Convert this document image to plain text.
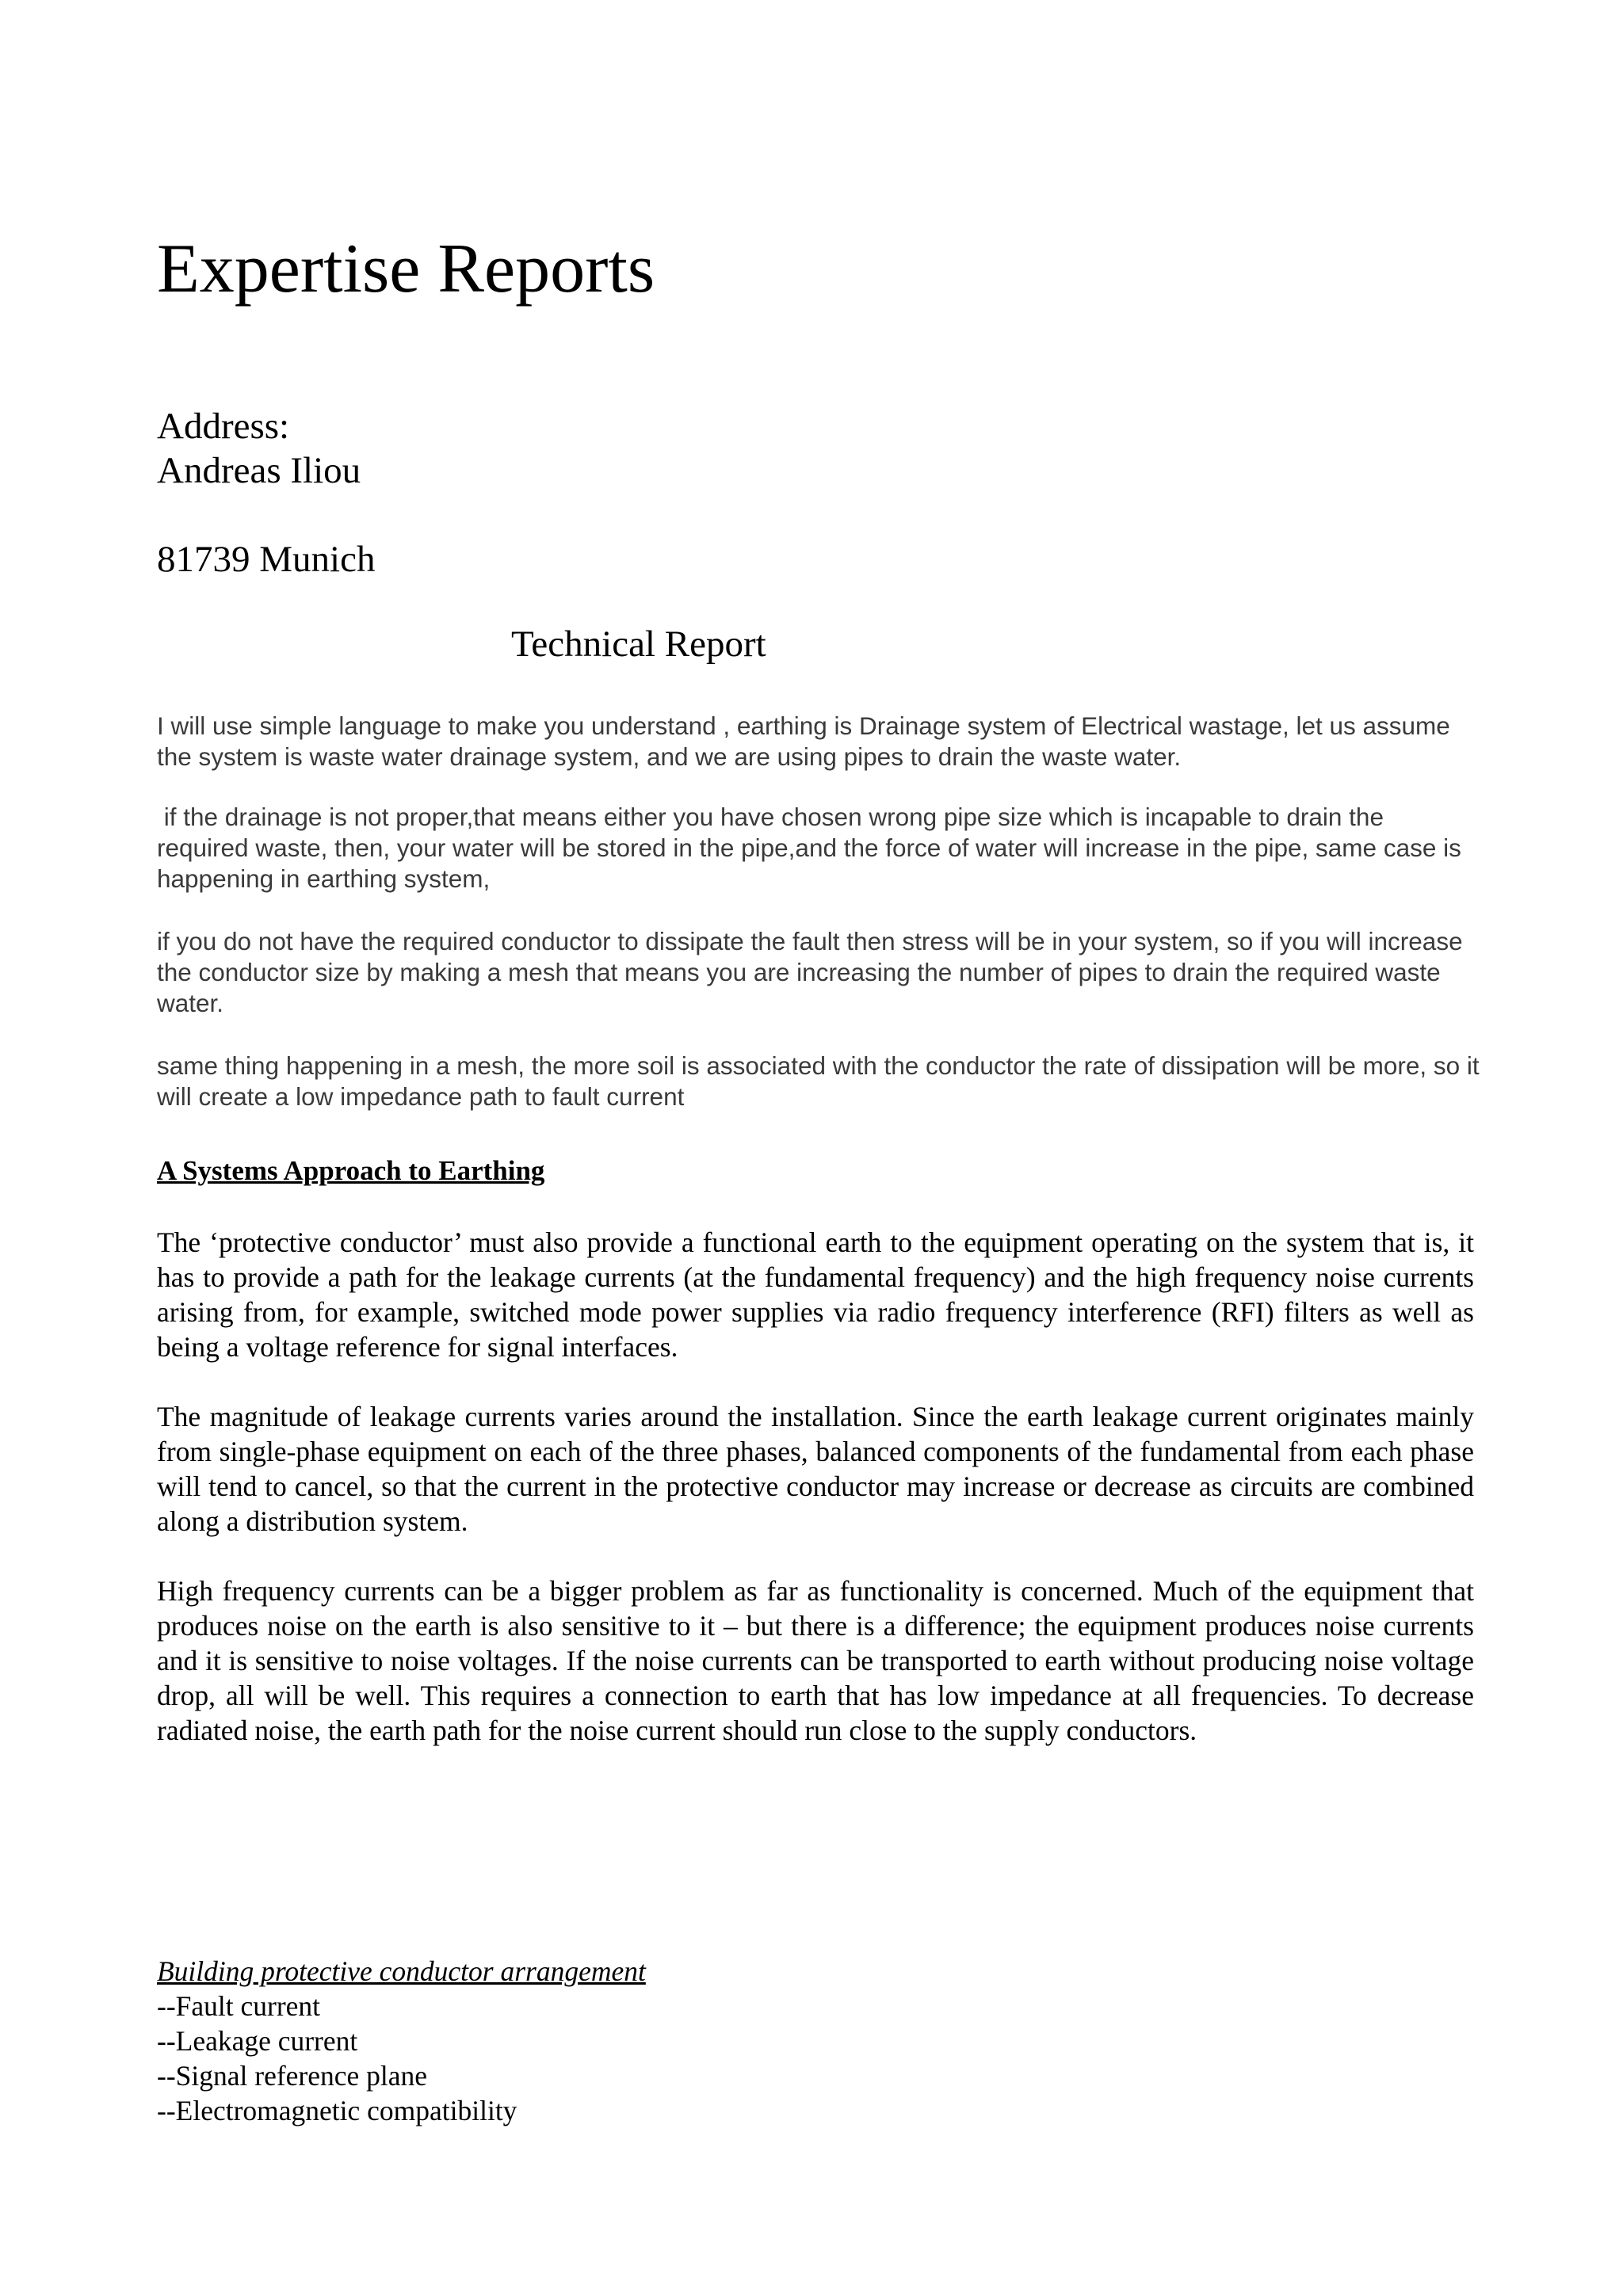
Expertise Reports
Address:
Andreas Iliou
81739 Munich
Technical Report

I will use simple language to make you understand , earthing is Drainage system of Electrical wastage, let us assume the system is waste water drainage system, and we are using pipes to drain the waste water.

if the drainage is not proper,that means either you have chosen wrong pipe size which is incapable to drain the required waste, then, your water will be stored in the pipe,and the force of water will increase in the pipe, same case is happening in earthing system,

if you do not have the required conductor to dissipate the fault then stress will be in your system, so if you will increase the conductor size by making a mesh that means you are increasing the number of pipes to drain the required waste water.

same thing happening in a mesh, the more soil is associated with the conductor the rate of dissipation will be more, so it will create a low impedance path to fault current

A Systems Approach to Earthing

The ‘protective conductor’ must also provide a functional earth to the equipment operating on the system that is, it has to provide a path for the leakage currents (at the fundamental frequency) and the high frequency noise currents arising from, for example, switched mode power supplies via radio frequency interference (RFI) filters as well as being a voltage reference for signal interfaces.

The magnitude of leakage currents varies around the installation. Since the earth leakage current originates mainly from single-phase equipment on each of the three phases, balanced components of the fundamental from each phase will tend to cancel, so that the current in the protective conductor may increase or decrease as circuits are combined along a distribution system.

High frequency currents can be a bigger problem as far as functionality is concerned. Much of the equipment that produces noise on the earth is also sensitive to it – but there is a difference; the equipment produces noise currents and it is sensitive to noise voltages. If the noise currents can be transported to earth without producing noise voltage drop, all will be well. This requires a connection to earth that has low impedance at all frequencies. To decrease radiated noise, the earth path for the noise current should run close to the supply conductors.

Building protective conductor arrangement
--Fault current
--Leakage current
--Signal reference plane
--Electromagnetic compatibility
